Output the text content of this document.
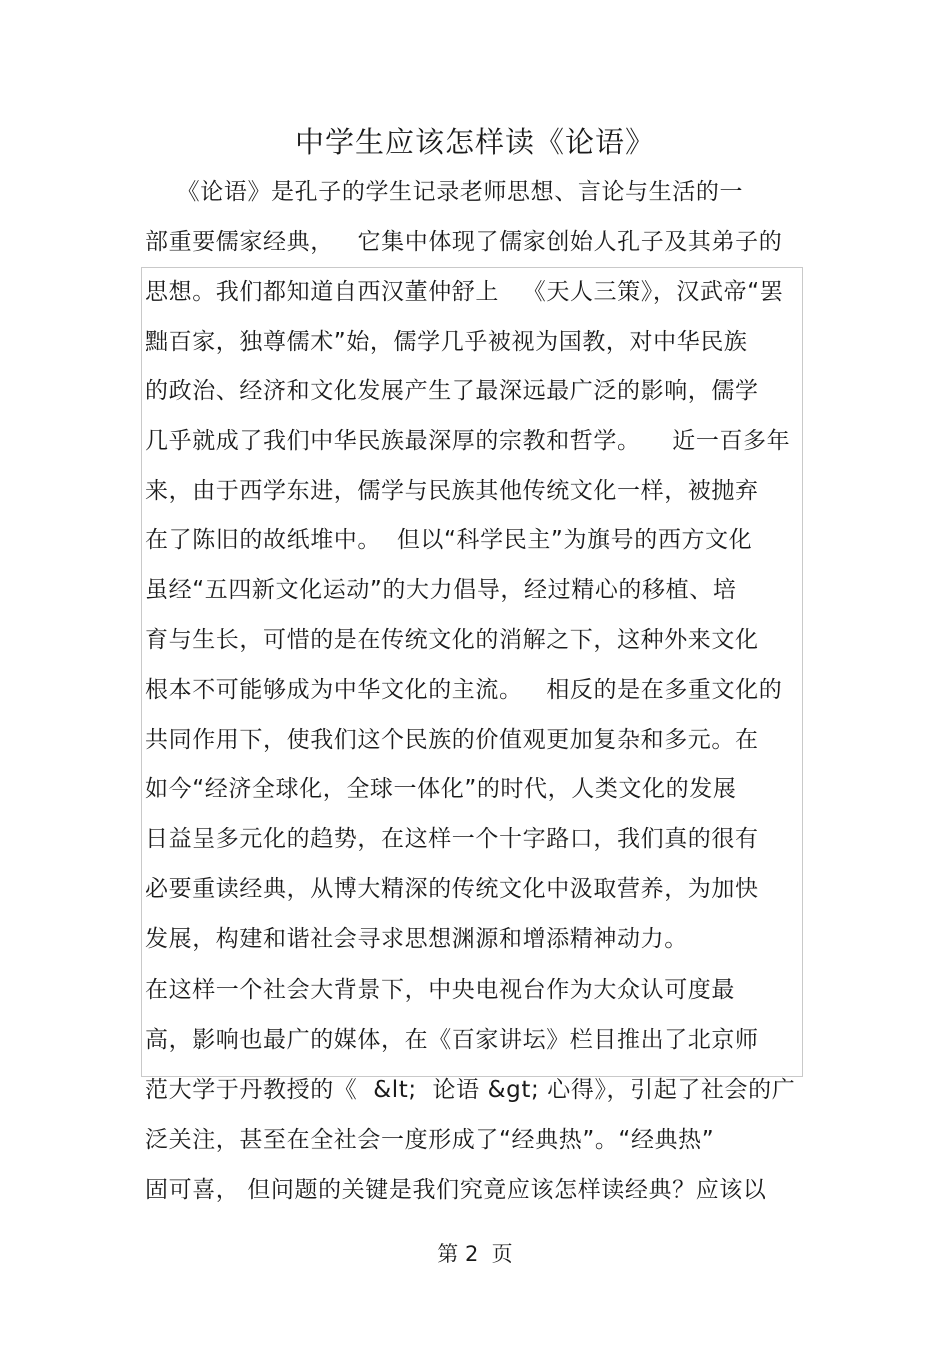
中学生应该怎样读《论语》
《论语》是孔子的学生记录老师思想、言论与生活的一
部重要儒家经典，   它集中体现了儒家创始人孔子及其弟子的
思想。我们都知道自西汉董仲舒上   《天人三策》，汉武帝“罢
黜百家，独尊儒术”始，儒学几乎被视为国教，对中华民族
的政治、经济和文化发展产生了最深远最广泛的影响，儒学
几乎就成了我们中华民族最深厚的宗教和哲学。    近一百多年
来，由于西学东进，儒学与民族其他传统文化一样，被抛弃
在了陈旧的故纸堆中。  但以“科学民主”为旗号的西方文化
虽经“五四新文化运动”的大力倡导，经过精心的移植、培
育与生长，可惜的是在传统文化的消解之下，这种外来文化
根本不可能够成为中华文化的主流。   相反的是在多重文化的
共同作用下，使我们这个民族的价值观更加复杂和多元。在
如今“经济全球化，全球一体化”的时代，人类文化的发展
日益呈多元化的趋势，在这样一个十字路口，我们真的很有
必要重读经典，从博大精深的传统文化中汲取营养，为加快
发展，构建和谐社会寻求思想渊源和增添精神动力。
在这样一个社会大背景下，中央电视台作为大众认可度最
高，影响也最广的媒体，在《百家讲坛》栏目推出了北京师
范大学于丹教授的《  &lt;  论语 &gt; 心得》，引起了社会的广
泛关注，甚至在全社会一度形成了“经典热”。“经典热”
固可喜， 但问题的关键是我们究竟应该怎样读经典？应该以
第 2  页
